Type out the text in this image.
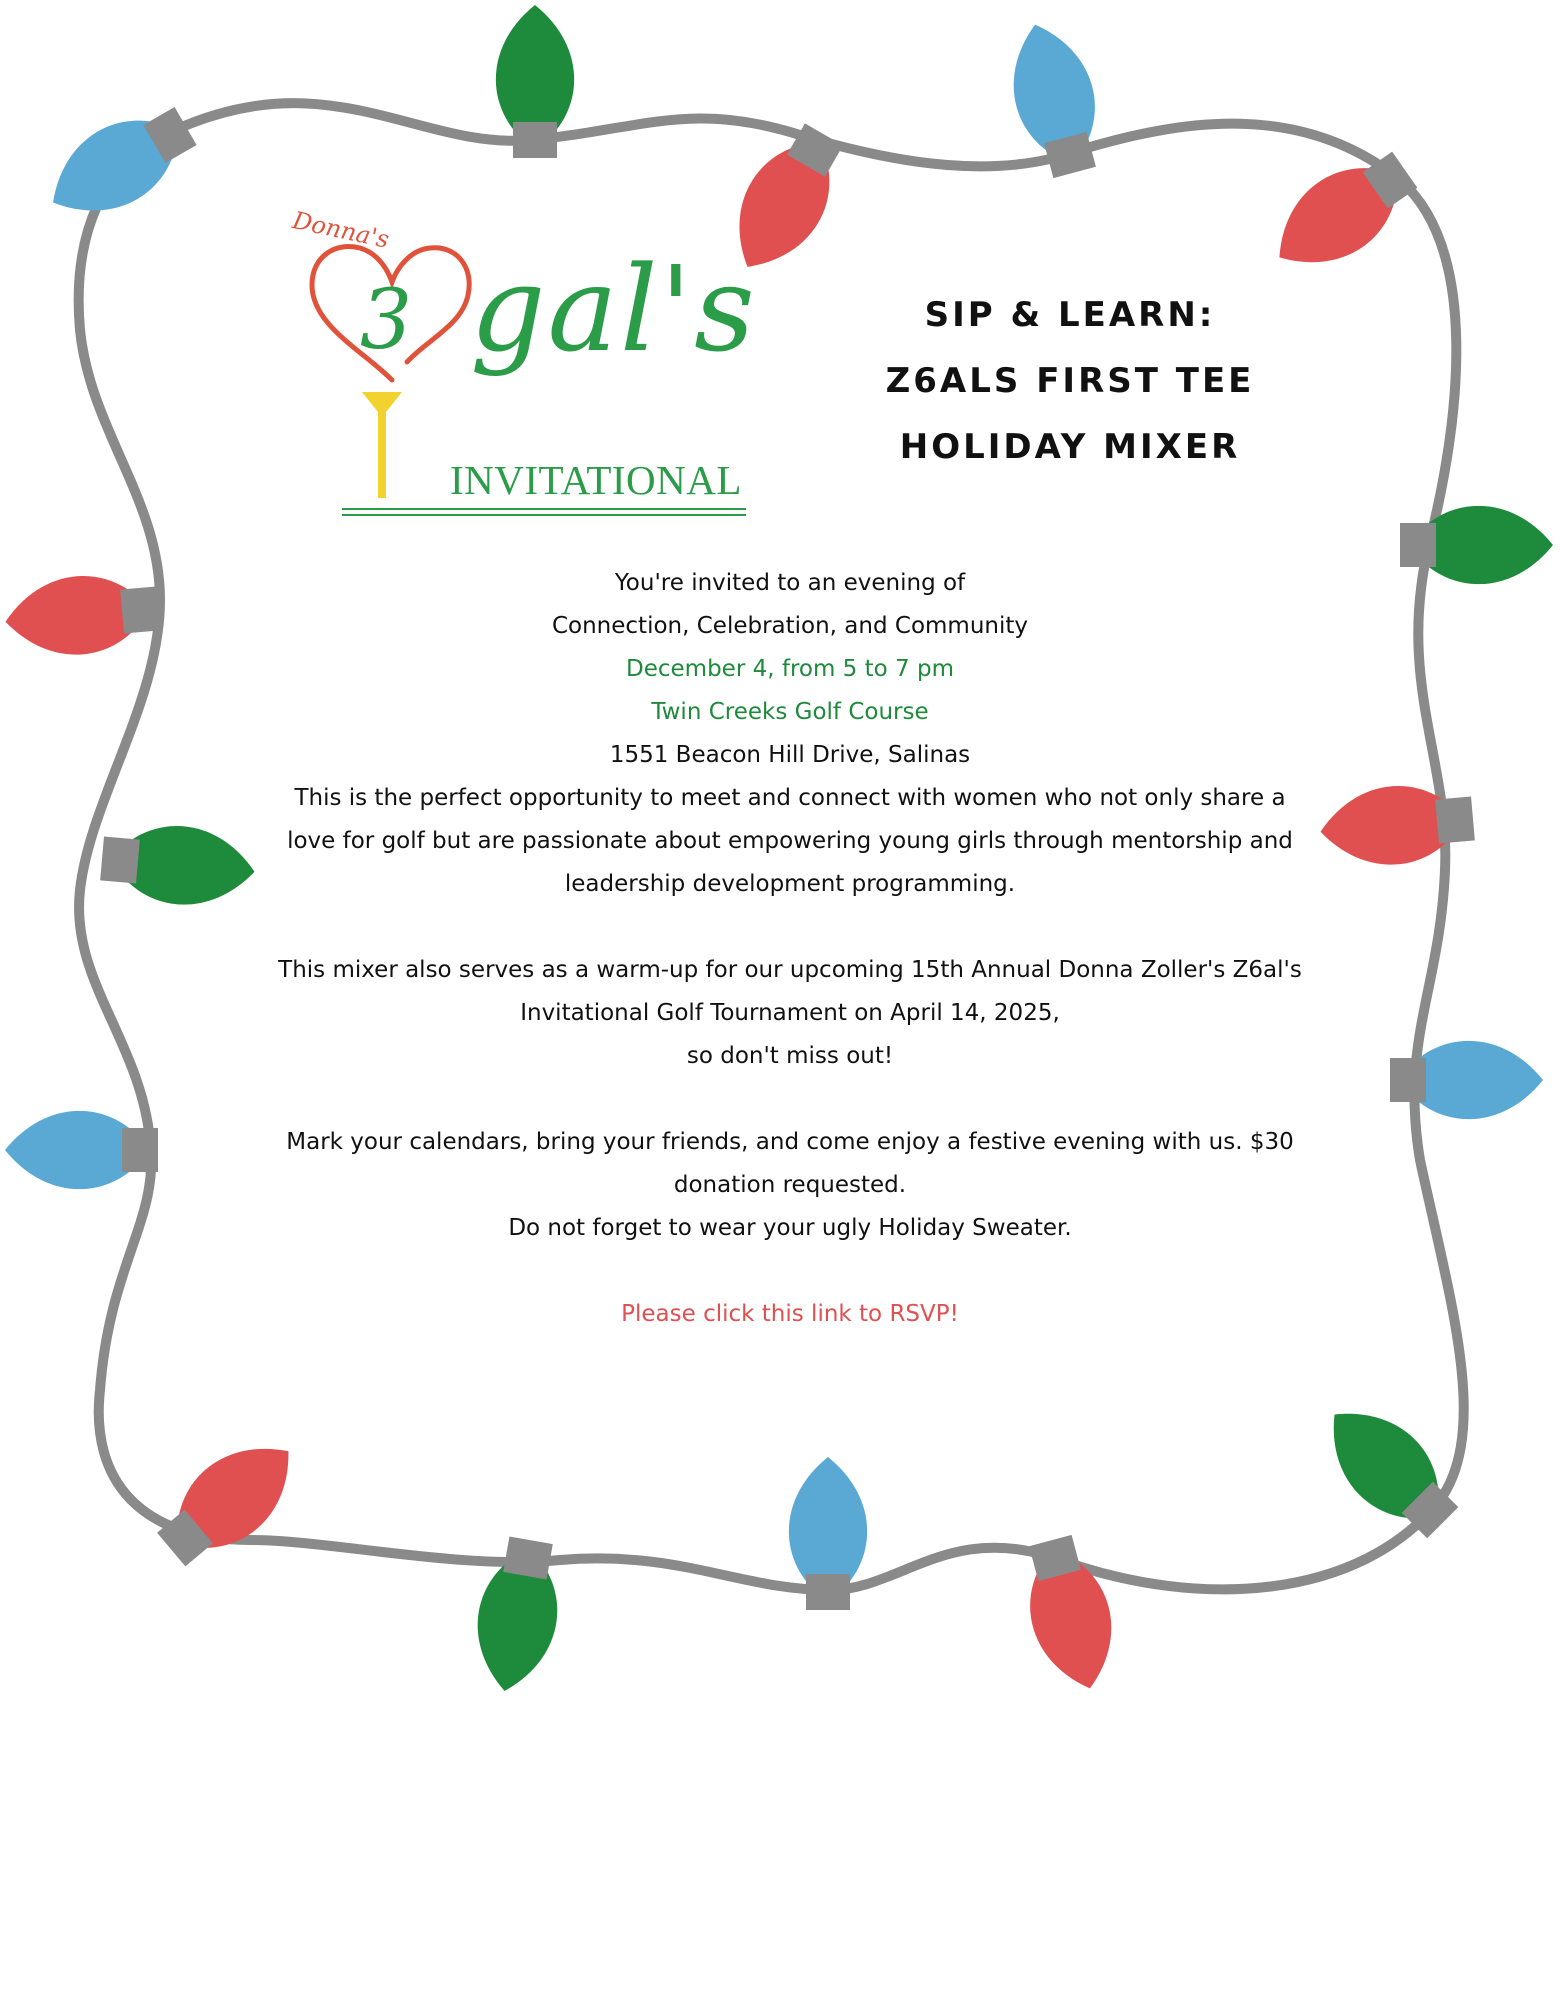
Donna's
3 gal's
INVITATIONAL
SIP & LEARN:
Z6ALS FIRST TEE
HOLIDAY MIXER
You're invited to an evening of
Connection, Celebration, and Community
December 4, from 5 to 7 pm
Twin Creeks Golf Course
1551 Beacon Hill Drive, Salinas
This is the perfect opportunity to meet and connect with women who not only share a love for golf but are passionate about empowering young girls through mentorship and leadership development programming.
This mixer also serves as a warm-up for our upcoming 15th Annual Donna Zoller's Z6al's Invitational Golf Tournament on April 14, 2025,
so don't miss out!
Mark your calendars, bring your friends, and come enjoy a festive evening with us. $30 donation requested.
Do not forget to wear your ugly Holiday Sweater.
Please click this link to RSVP!
